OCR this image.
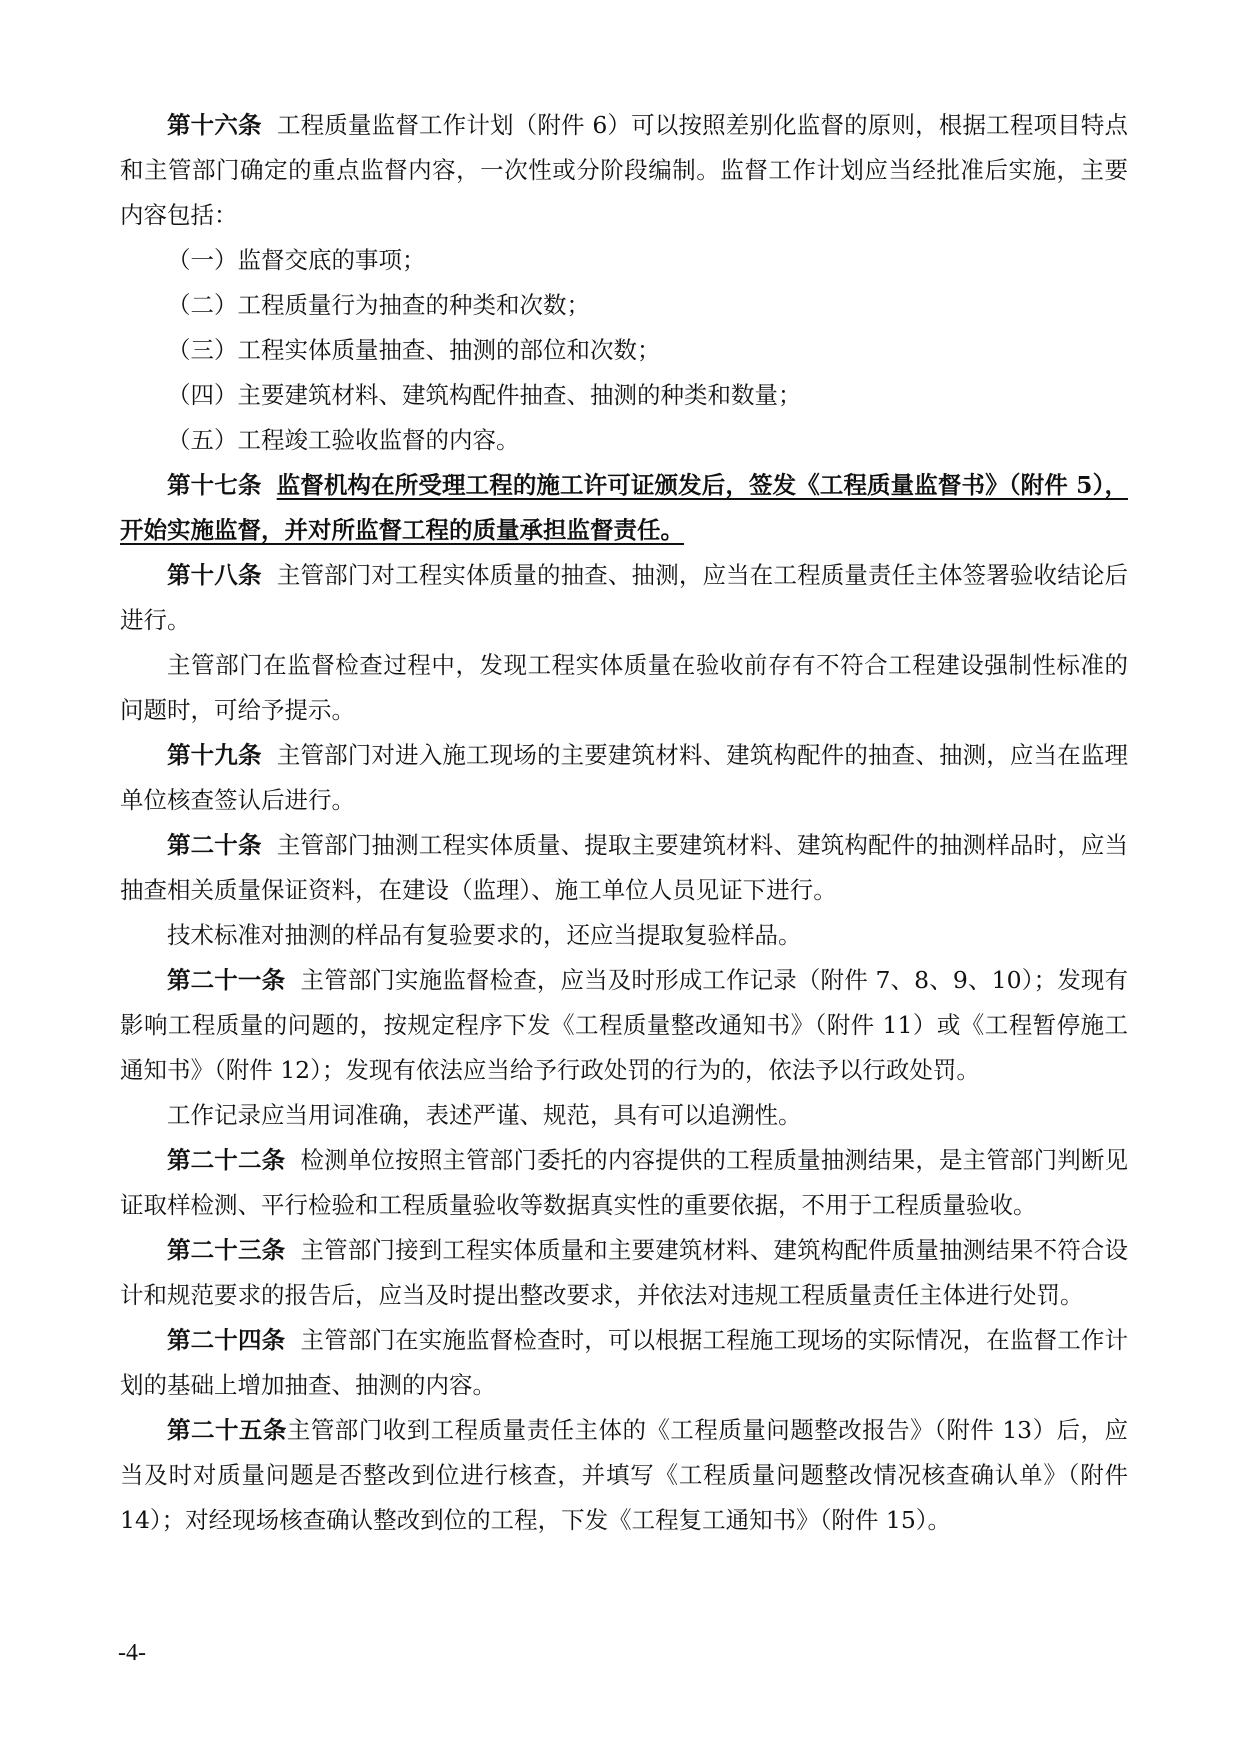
第十六条 工程质量监督工作计划（附件 6）可以按照差别化监督的原则，根据工程项目特点和主管部门确定的重点监督内容，一次性或分阶段编制。监督工作计划应当经批准后实施，主要内容包括：

（一）监督交底的事项；

（二）工程质量行为抽查的种类和次数；

（三）工程实体质量抽查、抽测的部位和次数；

（四）主要建筑材料、建筑构配件抽查、抽测的种类和数量；

（五）工程竣工验收监督的内容。

第十七条 监督机构在所受理工程的施工许可证颁发后，签发《工程质量监督书》（附件 5），开始实施监督，并对所监督工程的质量承担监督责任。

第十八条 主管部门对工程实体质量的抽查、抽测，应当在工程质量责任主体签署验收结论后进行。

主管部门在监督检查过程中，发现工程实体质量在验收前存有不符合工程建设强制性标准的问题时，可给予提示。

第十九条 主管部门对进入施工现场的主要建筑材料、建筑构配件的抽查、抽测，应当在监理单位核查签认后进行。

第二十条 主管部门抽测工程实体质量、提取主要建筑材料、建筑构配件的抽测样品时，应当抽查相关质量保证资料，在建设（监理）、施工单位人员见证下进行。

技术标准对抽测的样品有复验要求的，还应当提取复验样品。

第二十一条 主管部门实施监督检查，应当及时形成工作记录（附件 7、8、9、10）；发现有影响工程质量的问题的，按规定程序下发《工程质量整改通知书》（附件 11）或《工程暂停施工通知书》（附件 12）；发现有依法应当给予行政处罚的行为的，依法予以行政处罚。

工作记录应当用词准确，表述严谨、规范，具有可以追溯性。

第二十二条 检测单位按照主管部门委托的内容提供的工程质量抽测结果，是主管部门判断见证取样检测、平行检验和工程质量验收等数据真实性的重要依据，不用于工程质量验收。

第二十三条 主管部门接到工程实体质量和主要建筑材料、建筑构配件质量抽测结果不符合设计和规范要求的报告后，应当及时提出整改要求，并依法对违规工程质量责任主体进行处罚。

第二十四条 主管部门在实施监督检查时，可以根据工程施工现场的实际情况，在监督工作计划的基础上增加抽查、抽测的内容。

第二十五条主管部门收到工程质量责任主体的《工程质量问题整改报告》（附件 13）后，应当及时对质量问题是否整改到位进行核查，并填写《工程质量问题整改情况核查确认单》（附件 14）；对经现场核查确认整改到位的工程，下发《工程复工通知书》（附件 15）。

-4-
